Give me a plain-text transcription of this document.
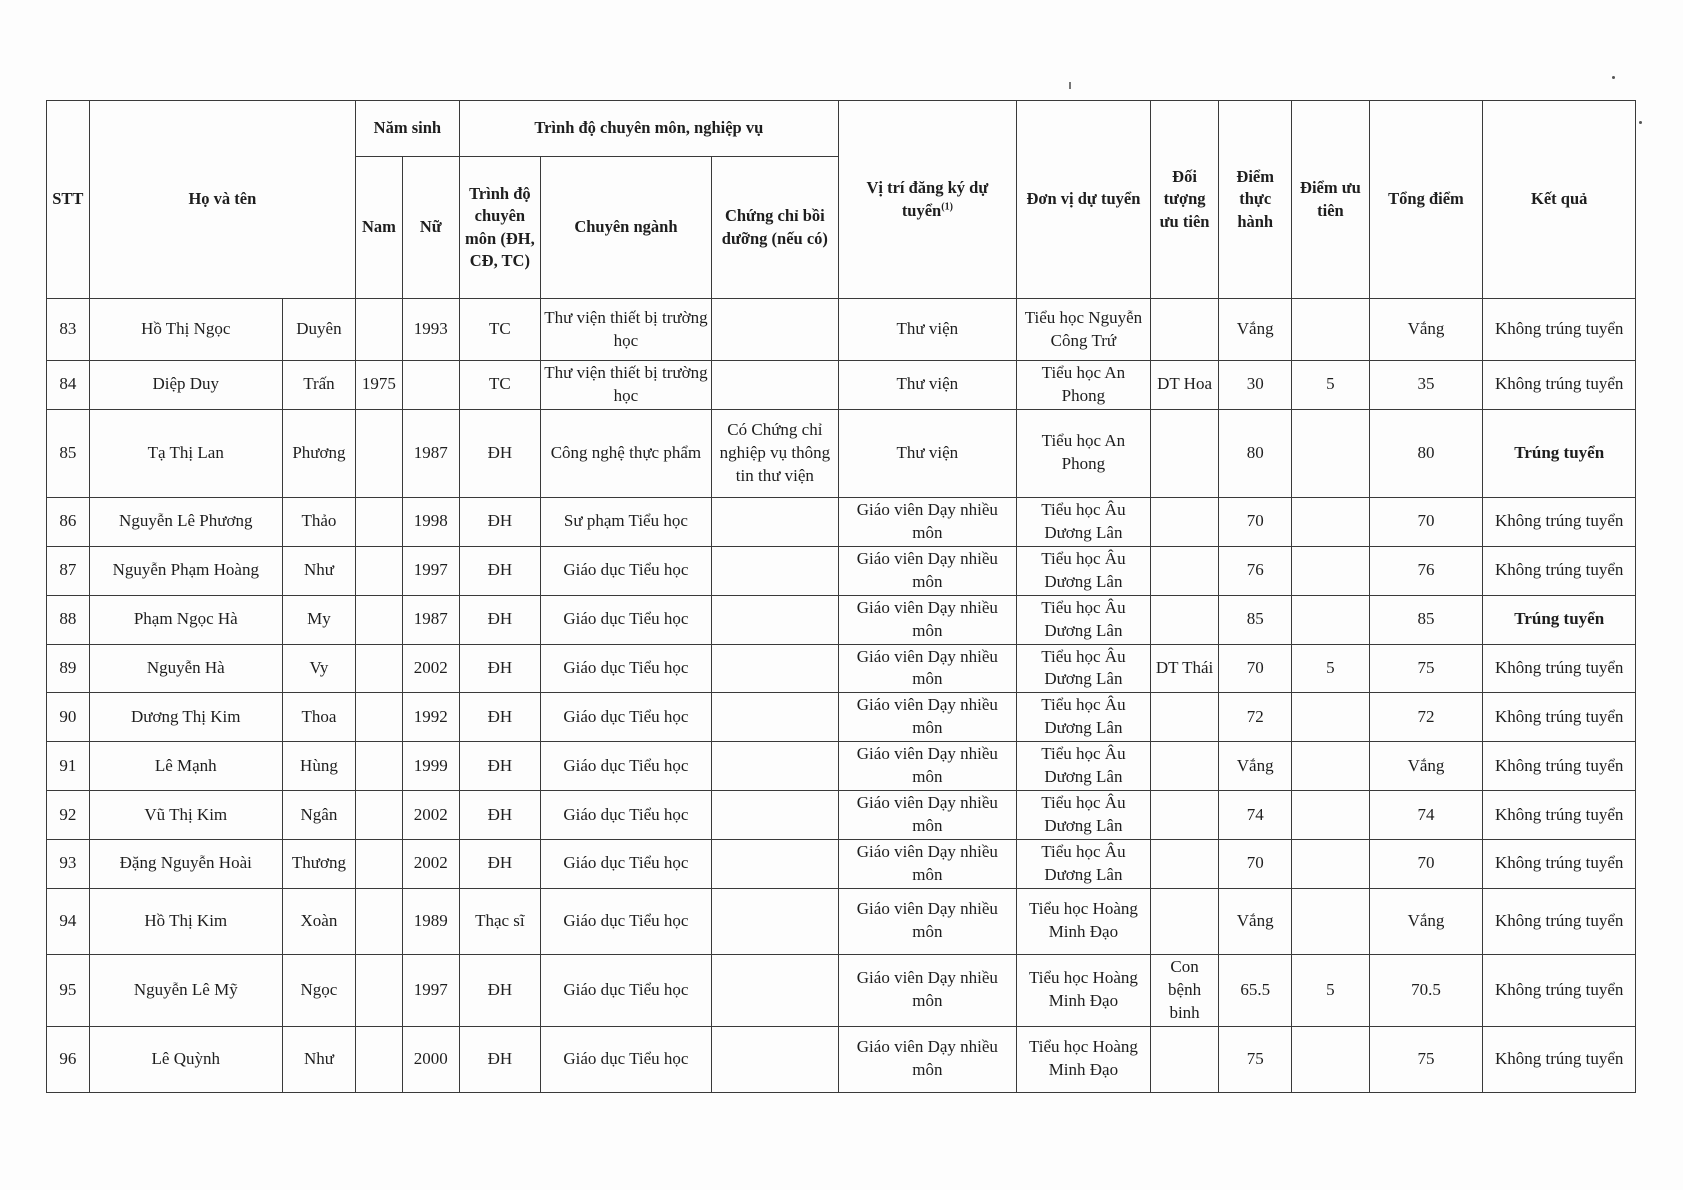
STT	Họ và tên		Năm sinh		Trình độ chuyên môn, nghiệp vụ			Vị trí đăng ký dự tuyển$^{(1)}$	Đơn vị dự tuyển	Đối tượng ưu tiên	Điểm thực hành	Điểm ưu tiên	Tổng điểm	Kết quả
			Nam	Nữ	Trình độ chuyên môn (ĐH, CĐ, TC)	Chuyên ngành	Chứng chỉ bồi dưỡng (nếu có)							
83	Hồ Thị Ngọc	Duyên		1993	TC	Thư viện thiết bị trường học		Thư viện	Tiểu học Nguyễn Công Trứ		Vắng		Vắng	Không trúng tuyển
84	Diệp Duy	Trấn	1975		TC	Thư viện thiết bị trường học		Thư viện	Tiểu học An Phong	DT Hoa	30	5	35	Không trúng tuyển
85	Tạ Thị Lan	Phương		1987	ĐH	Công nghệ thực phẩm	Có Chứng chỉ nghiệp vụ thông tin thư viện	Thư viện	Tiểu học An Phong		80		80	Trúng tuyển
86	Nguyễn Lê Phương	Thảo		1998	ĐH	Sư phạm Tiểu học		Giáo viên Dạy nhiều môn	Tiểu học Âu Dương Lân		70		70	Không trúng tuyển
87	Nguyễn Phạm Hoàng	Như		1997	ĐH	Giáo dục Tiểu học		Giáo viên Dạy nhiều môn	Tiểu học Âu Dương Lân		76		76	Không trúng tuyển
88	Phạm Ngọc Hà	My		1987	ĐH	Giáo dục Tiểu học		Giáo viên Dạy nhiều môn	Tiểu học Âu Dương Lân		85		85	Trúng tuyển
89	Nguyễn Hà	Vy		2002	ĐH	Giáo dục Tiểu học		Giáo viên Dạy nhiều môn	Tiểu học Âu Dương Lân	DT Thái	70	5	75	Không trúng tuyển
90	Dương Thị Kim	Thoa		1992	ĐH	Giáo dục Tiểu học		Giáo viên Dạy nhiều môn	Tiểu học Âu Dương Lân		72		72	Không trúng tuyển
91	Lê Mạnh	Hùng		1999	ĐH	Giáo dục Tiểu học		Giáo viên Dạy nhiều môn	Tiểu học Âu Dương Lân		Vắng		Vắng	Không trúng tuyển
92	Vũ Thị Kim	Ngân		2002	ĐH	Giáo dục Tiểu học		Giáo viên Dạy nhiều môn	Tiểu học Âu Dương Lân		74		74	Không trúng tuyển
93	Đặng Nguyễn Hoài	Thương		2002	ĐH	Giáo dục Tiểu học		Giáo viên Dạy nhiều môn	Tiểu học Âu Dương Lân		70		70	Không trúng tuyển
94	Hồ Thị Kim	Xoàn		1989	Thạc sĩ	Giáo dục Tiểu học		Giáo viên Dạy nhiều môn	Tiểu học Hoàng Minh Đạo		Vắng		Vắng	Không trúng tuyển
95	Nguyễn Lê Mỹ	Ngọc		1997	ĐH	Giáo dục Tiểu học		Giáo viên Dạy nhiều môn	Tiểu học Hoàng Minh Đạo	Con bệnh binh	65.5	5	70.5	Không trúng tuyển
96	Lê Quỳnh	Như		2000	ĐH	Giáo dục Tiểu học		Giáo viên Dạy nhiều môn	Tiểu học Hoàng Minh Đạo		75		75	Không trúng tuyển
